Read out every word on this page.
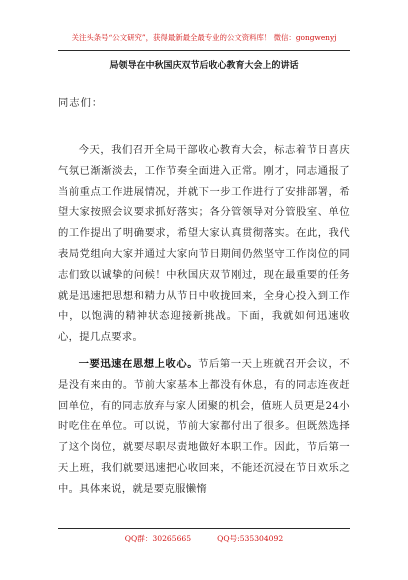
关注头条号“公文研究”，获得最新最全最专业的公文资料库！ 微信：gongwenyj
局领导在中秋国庆双节后收心教育大会上的讲话
同志们：

今天，我们召开全局干部收心教育大会，标志着节日喜庆气氛已渐渐淡去，工作节奏全面进入正常。刚才，同志通报了当前重点工作进展情况，并就下一步工作进行了安排部署，希望大家按照会议要求抓好落实；各分管领导对分管股室、单位的工作提出了明确要求，希望大家认真贯彻落实。在此，我代表局党组向大家并通过大家向节日期间仍然坚守工作岗位的同志们致以诚挚的问候！中秋国庆双节刚过，现在最重要的任务就是迅速把思想和精力从节日中收拢回来，全身心投入到工作中，以饱满的精神状态迎接新挑战。下面，我就如何迅速收心，提几点要求。

一要迅速在思想上收心。节后第一天上班就召开会议，不是没有来由的。节前大家基本上都没有休息，有的同志连夜赶回单位，有的同志放弃与家人团聚的机会，值班人员更是24小时吃住在单位。可以说，节前大家都付出了很多。但既然选择了这个岗位，就要尽职尽责地做好本职工作。因此，节后第一天上班，我们就要迅速把心收回来，不能还沉浸在节日欢乐之中。具体来说，就是要克服懒惰

QQ群：30265665	QQ号:535304092
